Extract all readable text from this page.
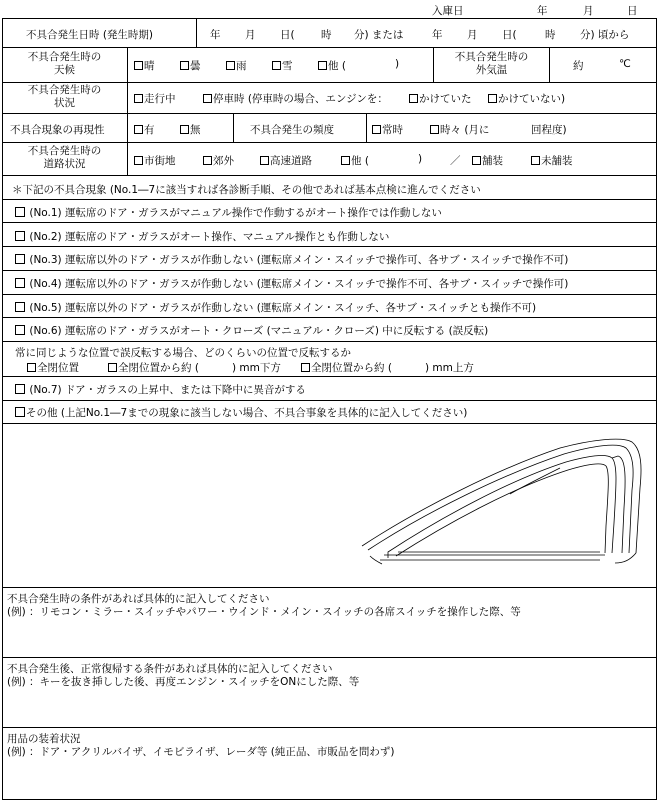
入庫日	年	月	日
不具合発生日時 (発生時期)	年 月 日(	時 分) または	年 月 日(	時 分) 頃から
不具合発生時の
天候	晴	曇	雨	雪	他 (	)
不具合発生時の
外気温	約	℃
不具合発生時の
状況	走行中	停車時 (停車時の場合、エンジンを：	かけていた	かけていない)
不具合現象の再現性	有	無	不具合発生の頻度	常時	時々 (月に	回程度)
不具合発生時の
道路状況	市街地	郊外	高速道路	他 (	)	／	舗装	未舗装
＊下記の不具合現象 (No.1―7に該当すれば各診断手順、その他であれば基本点検に進んでください
(No.1) 運転席のドア・ガラスがマニュアル操作で作動するがオート操作では作動しない
(No.2) 運転席のドア・ガラスがオート操作、マニュアル操作とも作動しない
(No.3) 運転席以外のドア・ガラスが作動しない (運転席メイン・スイッチで操作可、各サブ・スイッチで操作不可)
(No.4) 運転席以外のドア・ガラスが作動しない (運転席メイン・スイッチで操作不可、各サブ・スイッチで操作可)
(No.5) 運転席以外のドア・ガラスが作動しない (運転席メイン・スイッチ、各サブ・スイッチとも操作不可)
(No.6) 運転席のドア・ガラスがオート・クローズ (マニュアル・クローズ) 中に反転する (誤反転)
常に同じような位置で誤反転する場合、どのくらいの位置で反転するか
全閉位置	全閉位置から約 (	) mm下方	全閉位置から約 (	) mm上方
(No.7) ドア・ガラスの上昇中、または下降中に異音がする
その他 (上記No.1―7までの現象に該当しない場合、不具合事象を具体的に記入してください)
不具合発生時の条件があれば具体的に記入してください
(例) ：リモコン・ミラー・スイッチやパワー・ウインド・メイン・スイッチの各席スイッチを操作した際、等
不具合発生後、正常復帰する条件があれば具体的に記入してください
(例) ：キーを抜き挿しした後、再度エンジン・スイッチをONにした際、等
用品の装着状況
(例) ：ドア・アクリルバイザ、イモビライザ、レーダ等 (純正品、市販品を問わず)
